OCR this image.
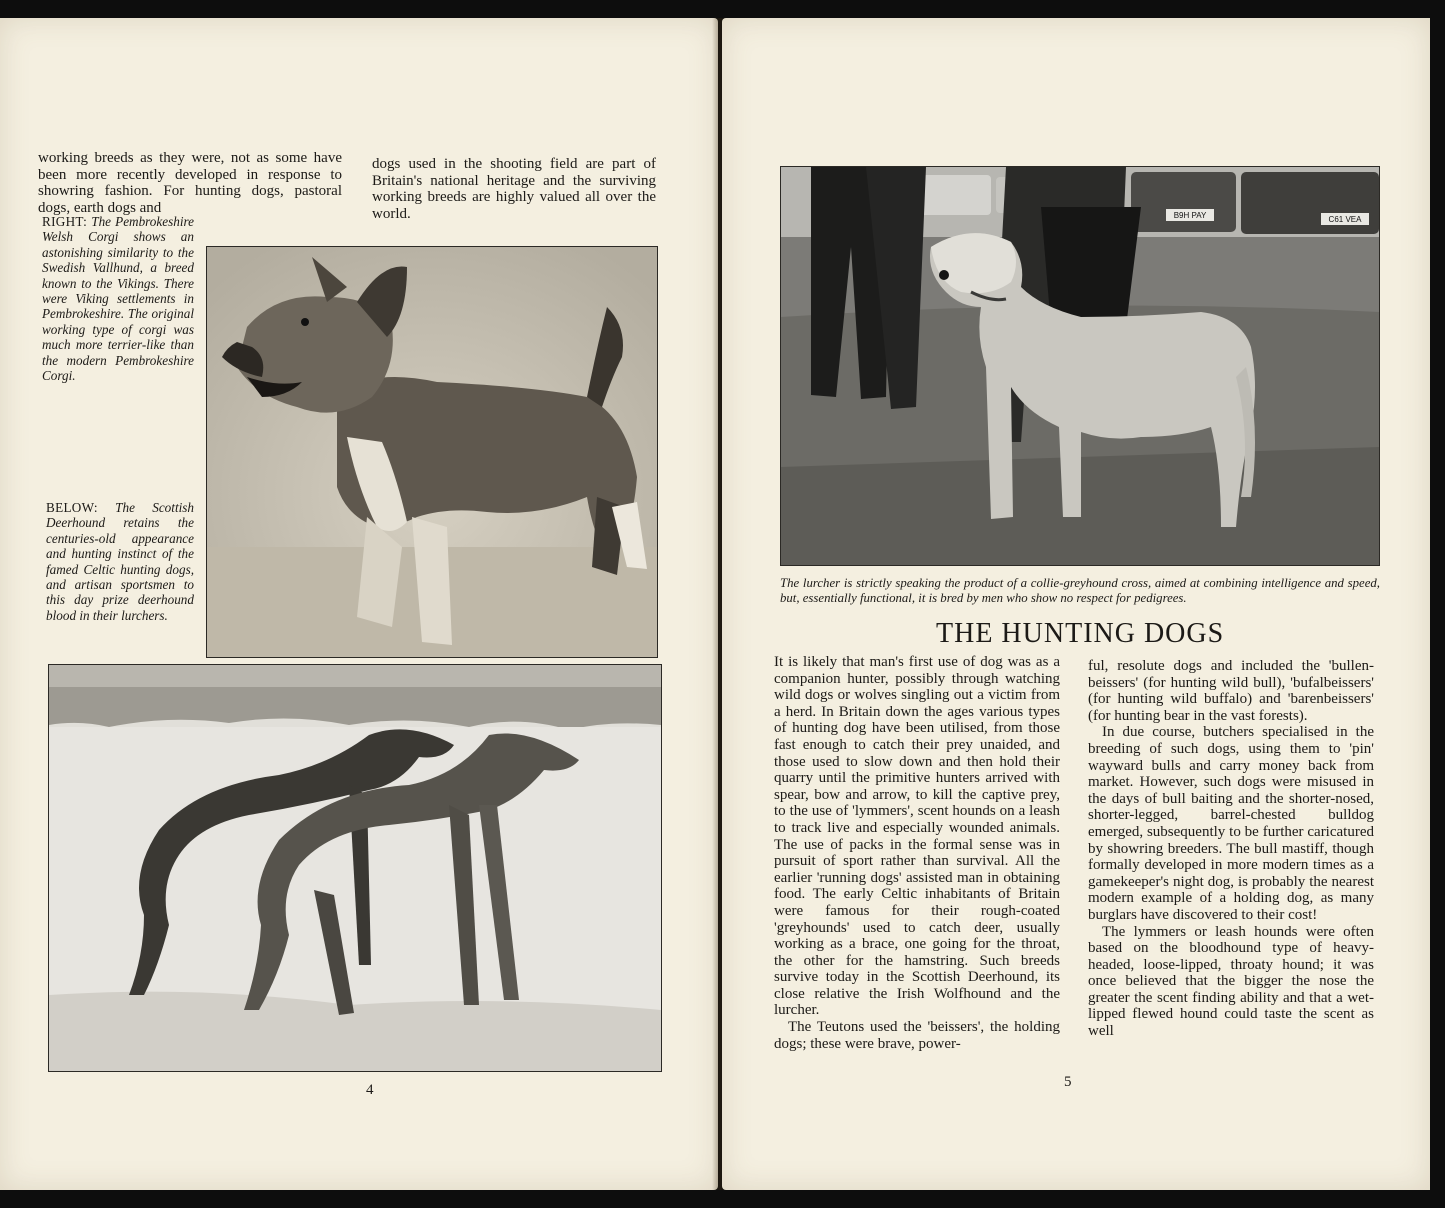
working breeds as they were, not as some have been more recently developed in response to showring fashion. For hunting dogs, pastoral dogs, earth dogs and

dogs used in the shooting field are part of Britain's national heritage and the surviving working breeds are highly valued all over the world.

RIGHT: The Pembrokeshire Welsh Corgi shows an astonishing similarity to the Swedish Vallhund, a breed known to the Vikings. There were Viking settlements in Pembrokeshire. The original working type of corgi was much more terrier-like than the modern Pembrokeshire Corgi.
BELOW: The Scottish Deerhound retains the centuries-old appearance and hunting instinct of the famed Celtic hunting dogs, and artisan sportsmen to this day prize deerhound blood in their lurchers.
4
B9H PAY	C61 VEA
The lurcher is strictly speaking the product of a collie-greyhound cross, aimed at combining intelligence and speed, but, essentially functional, it is bred by men who show no respect for pedigrees.
THE HUNTING DOGS

It is likely that man's first use of dog was as a companion hunter, possibly through watching wild dogs or wolves singling out a victim from a herd. In Britain down the ages various types of hunting dog have been utilised, from those fast enough to catch their prey unaided, and those used to slow down and then hold their quarry until the primitive hunters arrived with spear, bow and arrow, to kill the captive prey, to the use of 'lymmers', scent hounds on a leash to track live and especially wounded animals. The use of packs in the formal sense was in pursuit of sport rather than survival. All the earlier 'running dogs' assisted man in obtaining food. The early Celtic inhabitants of Britain were famous for their rough-coated 'greyhounds' used to catch deer, usually working as a brace, one going for the throat, the other for the hamstring. Such breeds survive today in the Scottish Deerhound, its close relative the Irish Wolfhound and the lurcher.

The Teutons used the 'beissers', the holding dogs; these were brave, power-

ful, resolute dogs and included the 'bullen-beissers' (for hunting wild bull), 'bufalbeissers' (for hunting wild buffalo) and 'barenbeissers' (for hunting bear in the vast forests).

In due course, butchers specialised in the breeding of such dogs, using them to 'pin' wayward bulls and carry money back from market. However, such dogs were misused in the days of bull baiting and the shorter-nosed, shorter-legged, barrel-chested bulldog emerged, subsequently to be further caricatured by showring breeders. The bull mastiff, though formally developed in more modern times as a gamekeeper's night dog, is probably the nearest modern example of a holding dog, as many burglars have discovered to their cost!

The lymmers or leash hounds were often based on the bloodhound type of heavy-headed, loose-lipped, throaty hound; it was once believed that the bigger the nose the greater the scent finding ability and that a wet-lipped flewed hound could taste the scent as well

5
